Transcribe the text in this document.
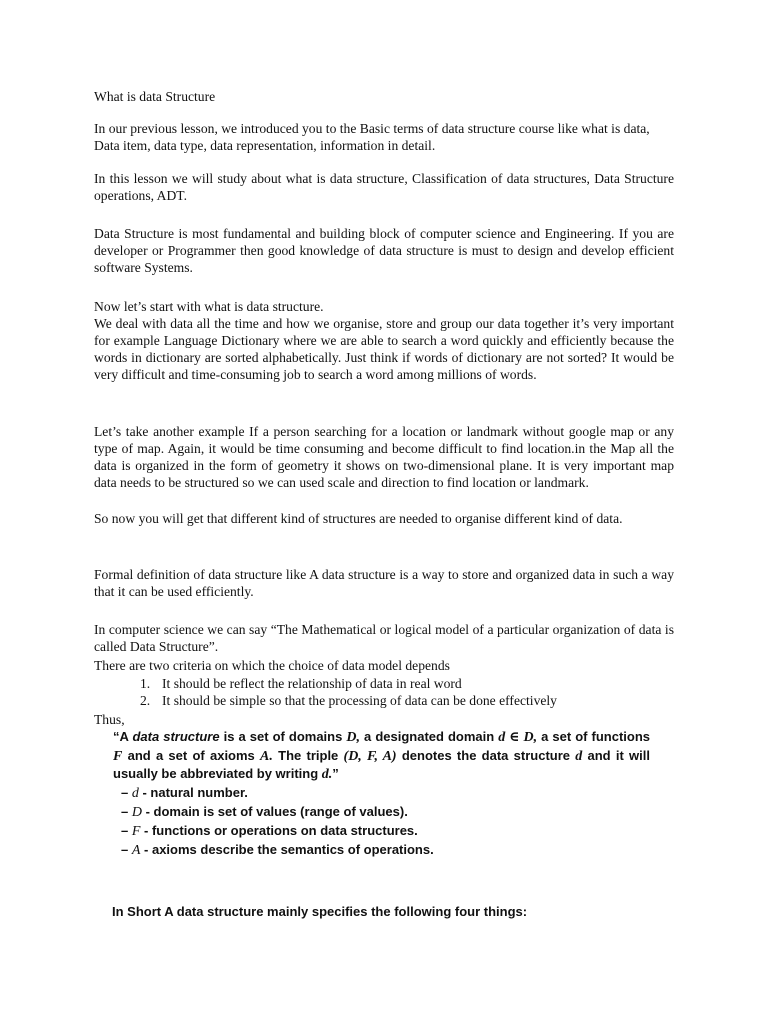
What is data Structure

In our previous lesson, we introduced you to the Basic terms of data structure course like what is data, Data item, data type, data representation, information in detail.

In this lesson we will study about what is data structure, Classification of data structures, Data Structure operations, ADT.

Data Structure is most fundamental and building block of computer science and Engineering. If you are developer or Programmer then good knowledge of data structure is must to design and develop efficient software Systems.

Now let’s start with what is data structure.

We deal with data all the time and how we organise, store and group our data together it’s very important for example Language Dictionary where we are able to search a word quickly and efficiently because the words in dictionary are sorted alphabetically. Just think if words of dictionary are not sorted? It would be very difficult and time-consuming job to search a word among millions of words.

Let’s take another example If a person searching for a location or landmark without google map or any type of map. Again, it would be time consuming and become difficult to find location.in the Map all the data is organized in the form of geometry it shows on two-dimensional plane. It is very important map data needs to be structured so we can used scale and direction to find location or landmark.

So now you will get that different kind of structures are needed to organise different kind of data.

Formal definition of data structure like A data structure is a way to store and organized data in such a way that it can be used efficiently.

In computer science we can say “The Mathematical or logical model of a particular organization of data is called Data Structure”.

There are two criteria on which the choice of data model depends

1. It should be reflect the relationship of data in real word
2. It should be simple so that the processing of data can be done effectively

Thus,

“A data structure is a set of domains D, a designated domain d ∈ D, a set of functions F and a set of axioms A. The triple (D, F, A) denotes the data structure d and it will usually be abbreviated by writing d.”

– d - natural number.
– D - domain is set of values (range of values).
– F - functions or operations on data structures.
– A - axioms describe the semantics of operations.

In Short A data structure mainly specifies the following four things:
